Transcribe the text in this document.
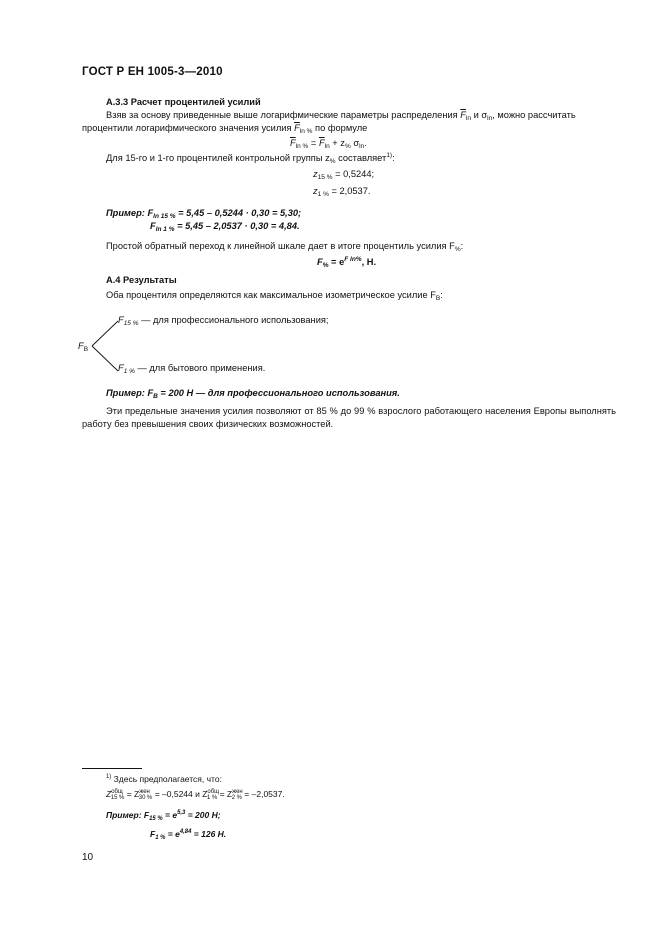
ГОСТ Р ЕН 1005-3—2010
А.3.3 Расчет процентилей усилий
Взяв за основу приведенные выше логарифмические параметры распределения $\overline{F}_{ln}$ и $\sigma_{ln}$, можно рассчитать
процентили логарифмического значения усилия $\overline{F}_{ln \%}$ по формуле
$\overline{F}_{ln \%} = \overline{F}_{ln} + z_{\%}$ $\sigma_{ln}$.
Для 15-го и 1-го процентилей контрольной группы $z_{\%}$ составляет$^{1)}$:
$z_{15 \%} = 0,5244$;
$z_{1 \%} = 2,0537$.
Пример: $F_{ln 15 \%} = 5,45 - 0,5244 \cdot 0,30 = 5,30$;
$F_{ln 1 \%} = 5,45 - 2,0537 \cdot 0,30 = 4,84$.
Простой обратный переход к линейной шкале дает в итоге процентиль усилия $F_{\%}$:
$F_{\%} = e^{F ln\%}$, Н.
А.4 Результаты
Оба процентиля определяются как максимальное изометрическое усилие $F_B$:
$F_{15 \%}$ — для профессионального использования;
$F_B$
$F_{1 \%}$ — для бытового применения.
Пример: $F_B = 200$ Н — для профессионального использования.
Эти предельные значения усилия позволяют от 85 % до 99 % взрослого работающего населения Европы выполнять работу без превышения своих физических возможностей.
$^{1)}$ Здесь предполагается, что:
$Z^{общ}_{15 \%} = Z^{жен}_{30 \%} = -0,5244$ и $Z^{общ}_{1 \%} = Z^{жен}_{2 \%} = -2,0537$.
Пример: $F_{15 \%} = e^{5,3} = 200$ Н;
$F_{1 \%} = e^{4,84} = 126$ Н.
10
